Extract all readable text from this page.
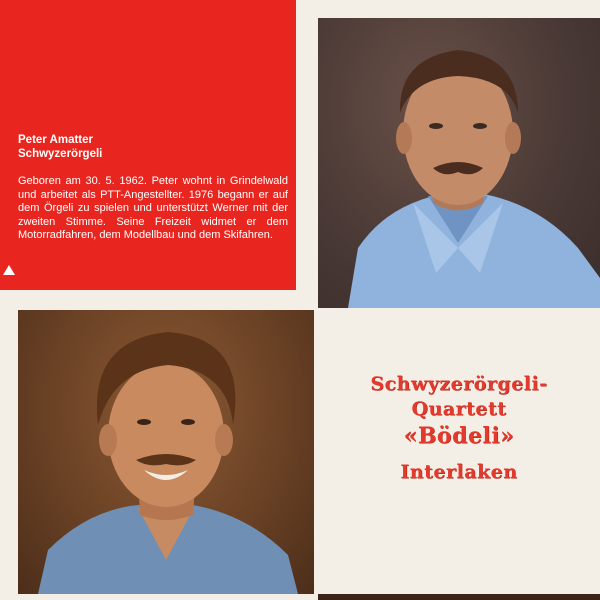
Peter Amatter

Schwyzerörgeli

Geboren am 30. 5. 1962. Peter wohnt in Grindelwald und arbeitet als PTT-Angestellter. 1976 begann er auf dem Örgeli zu spielen und unterstützt Werner mit der zweiten Stimme. Seine Freizeit widmet er dem Motorradfahren, dem Modellbau und dem Skifahren.

Schwyzerörgeli-
Quartett
«Bödeli»
Interlaken
